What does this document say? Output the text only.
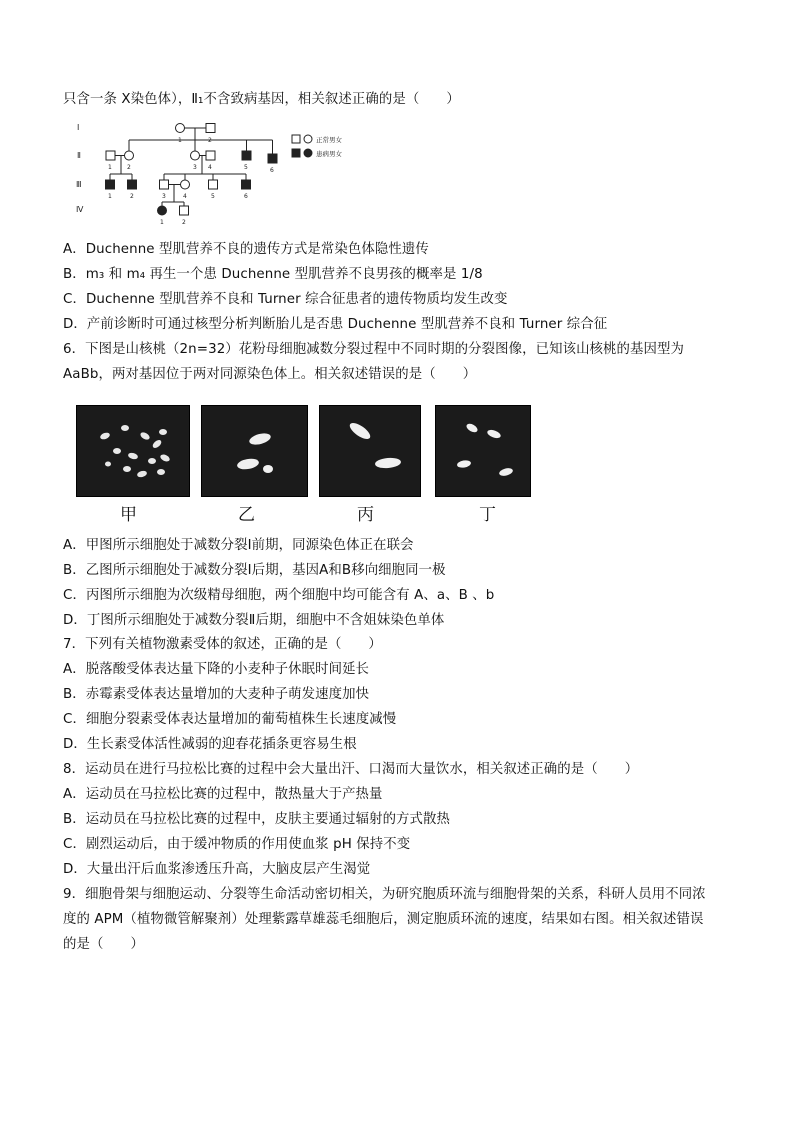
只含一条 X染色体），Ⅱ₁不含致病基因，相关叙述正确的是（　　）
Ⅰ
Ⅱ
Ⅲ
Ⅳ
1	2
1	2	3 4	5	6
1	2	3	4	5	6
1	2
正常男女
患病男女
A．Duchenne 型肌营养不良的遗传方式是常染色体隐性遗传
B．m₃ 和 m₄ 再生一个患 Duchenne 型肌营养不良男孩的概率是 1/8
C．Duchenne 型肌营养不良和 Turner 综合征患者的遗传物质均发生改变
D．产前诊断时可通过核型分析判断胎儿是否患 Duchenne 型肌营养不良和 Turner 综合征
6．下图是山核桃（2n=32）花粉母细胞减数分裂过程中不同时期的分裂图像，已知该山核桃的基因型为
AaBb，两对基因位于两对同源染色体上。相关叙述错误的是（　　）
甲	乙	丙	丁
A．甲图所示细胞处于减数分裂Ⅰ前期，同源染色体正在联会
B．乙图所示细胞处于减数分裂Ⅰ后期，基因A和B移向细胞同一极
C．丙图所示细胞为次级精母细胞，两个细胞中均可能含有 A、a、B 、b
D．丁图所示细胞处于减数分裂Ⅱ后期，细胞中不含姐妹染色单体
7．下列有关植物激素受体的叙述，正确的是（　　）
A．脱落酸受体表达量下降的小麦种子休眠时间延长
B．赤霉素受体表达量增加的大麦种子萌发速度加快
C．细胞分裂素受体表达量增加的葡萄植株生长速度减慢
D．生长素受体活性减弱的迎春花插条更容易生根
8．运动员在进行马拉松比赛的过程中会大量出汗、口渴而大量饮水，相关叙述正确的是（　　）
A．运动员在马拉松比赛的过程中，散热量大于产热量
B．运动员在马拉松比赛的过程中，皮肤主要通过辐射的方式散热
C．剧烈运动后，由于缓冲物质的作用使血浆 pH 保持不变
D．大量出汗后血浆渗透压升高，大脑皮层产生渴觉
9．细胞骨架与细胞运动、分裂等生命活动密切相关，为研究胞质环流与细胞骨架的关系，科研人员用不同浓
度的 APM（植物微管解聚剂）处理紫露草雄蕊毛细胞后，测定胞质环流的速度，结果如右图。相关叙述错误
的是（　　）
